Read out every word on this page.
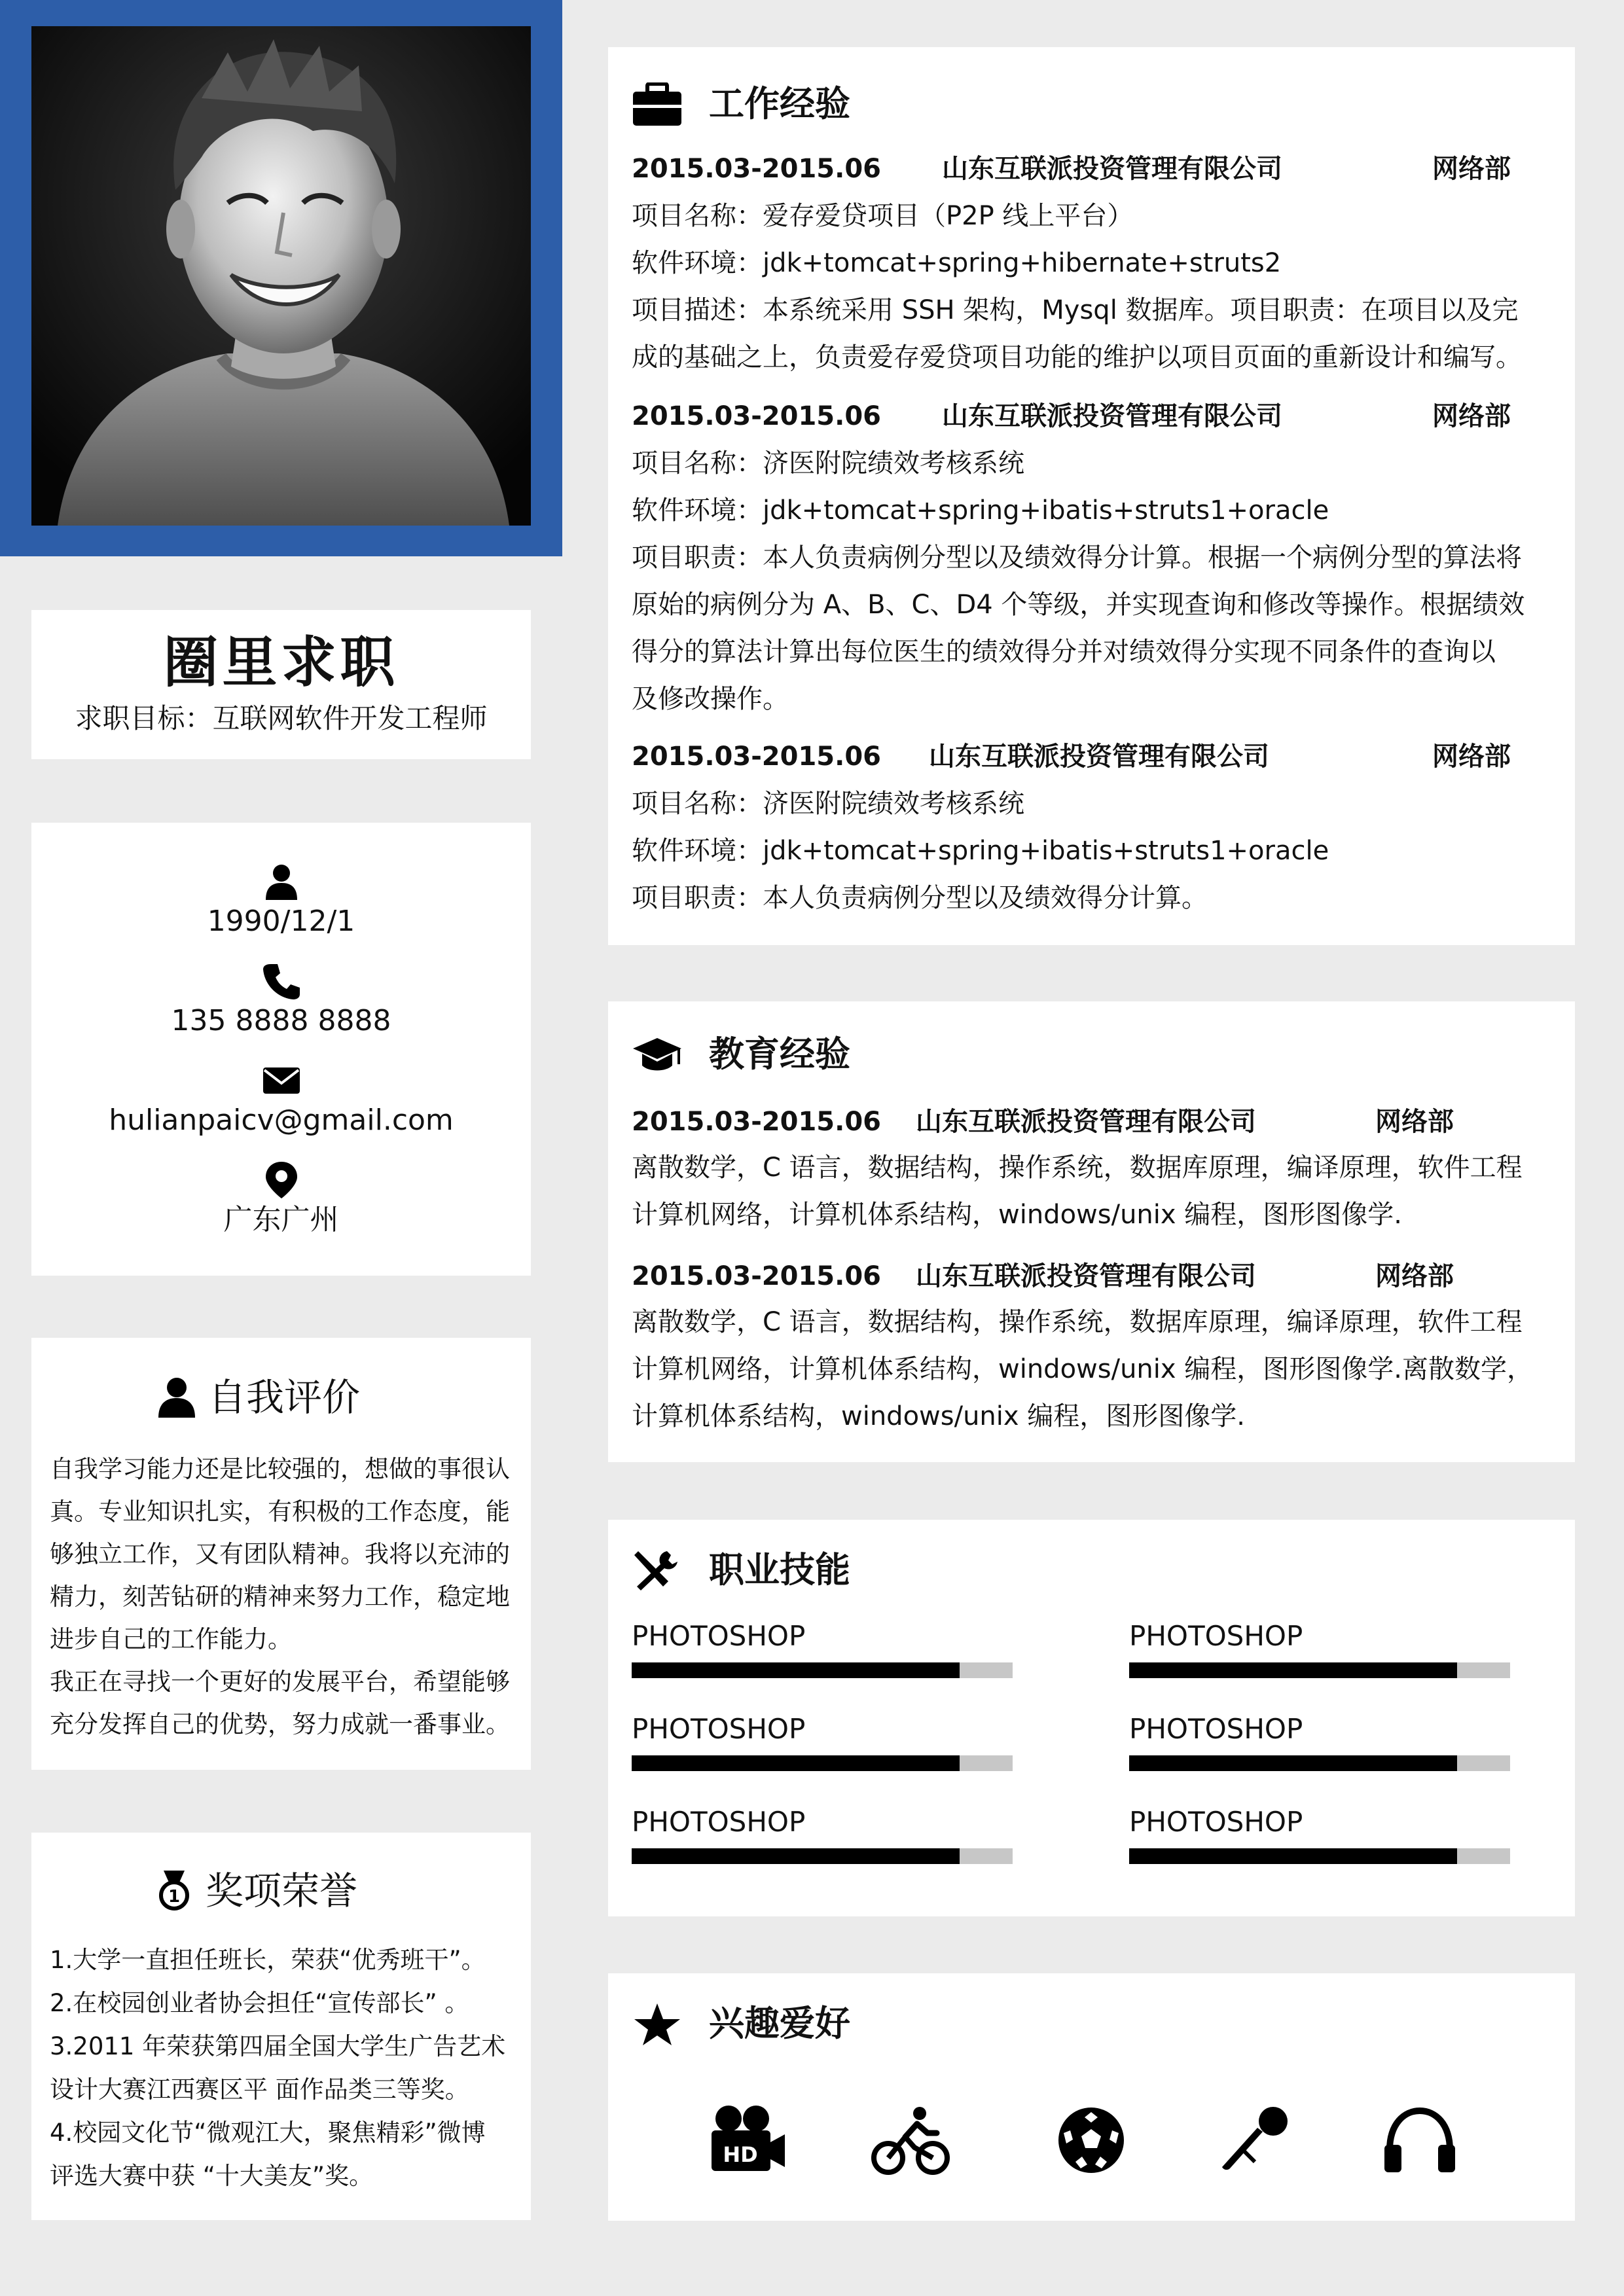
圈里求职
求职目标：互联网软件开发工程师
1990/12/1
135 8888 8888
hulianpaicv@gmail.com
广东广州
自我评价
自我学习能力还是比较强的，想做的事很认
真。专业知识扎实，有积极的工作态度，能
够独立工作，又有团队精神。我将以充沛的
精力，刻苦钻研的精神来努力工作，稳定地
进步自己的工作能力。
我正在寻找一个更好的发展平台，希望能够
充分发挥自己的优势，努力成就一番事业。
1 奖项荣誉
1.大学一直担任班长，荣获“优秀班干”。
2.在校园创业者协会担任“宣传部长” 。
3.2011 年荣获第四届全国大学生广告艺术
设计大赛江西赛区平 面作品类三等奖。
4.校园文化节“微观江大，聚焦精彩”微博
评选大赛中获 “十大美友”奖。
工作经验
2015.03-2015.06 山东互联派投资管理有限公司	网络部
项目名称：爱存爱贷项目（P2P 线上平台）
软件环境：jdk+tomcat+spring+hibernate+struts2
项目描述：本系统采用 SSH 架构，Mysql 数据库。项目职责：在项目以及完
成的基础之上，负责爱存爱贷项目功能的维护以项目页面的重新设计和编写。
2015.03-2015.06 山东互联派投资管理有限公司	网络部
项目名称：济医附院绩效考核系统
软件环境：jdk+tomcat+spring+ibatis+struts1+oracle
项目职责：本人负责病例分型以及绩效得分计算。根据一个病例分型的算法将
原始的病例分为 A、B、C、D4 个等级，并实现查询和修改等操作。根据绩效
得分的算法计算出每位医生的绩效得分并对绩效得分实现不同条件的查询以
及修改操作。
2015.03-2015.06 山东互联派投资管理有限公司	网络部
项目名称：济医附院绩效考核系统
软件环境：jdk+tomcat+spring+ibatis+struts1+oracle
项目职责：本人负责病例分型以及绩效得分计算。
教育经验
2015.03-2015.06 山东互联派投资管理有限公司	网络部
离散数学，C 语言，数据结构，操作系统，数据库原理，编译原理，软件工程
计算机网络，计算机体系结构，windows/unix 编程，图形图像学.
2015.03-2015.06 山东互联派投资管理有限公司	网络部
离散数学，C 语言，数据结构，操作系统，数据库原理，编译原理，软件工程
计算机网络，计算机体系结构，windows/unix 编程，图形图像学.离散数学，
计算机体系结构，windows/unix 编程，图形图像学.
职业技能
PHOTOSHOP	PHOTOSHOP
PHOTOSHOP	PHOTOSHOP
PHOTOSHOP	PHOTOSHOP
兴趣爱好
HD
